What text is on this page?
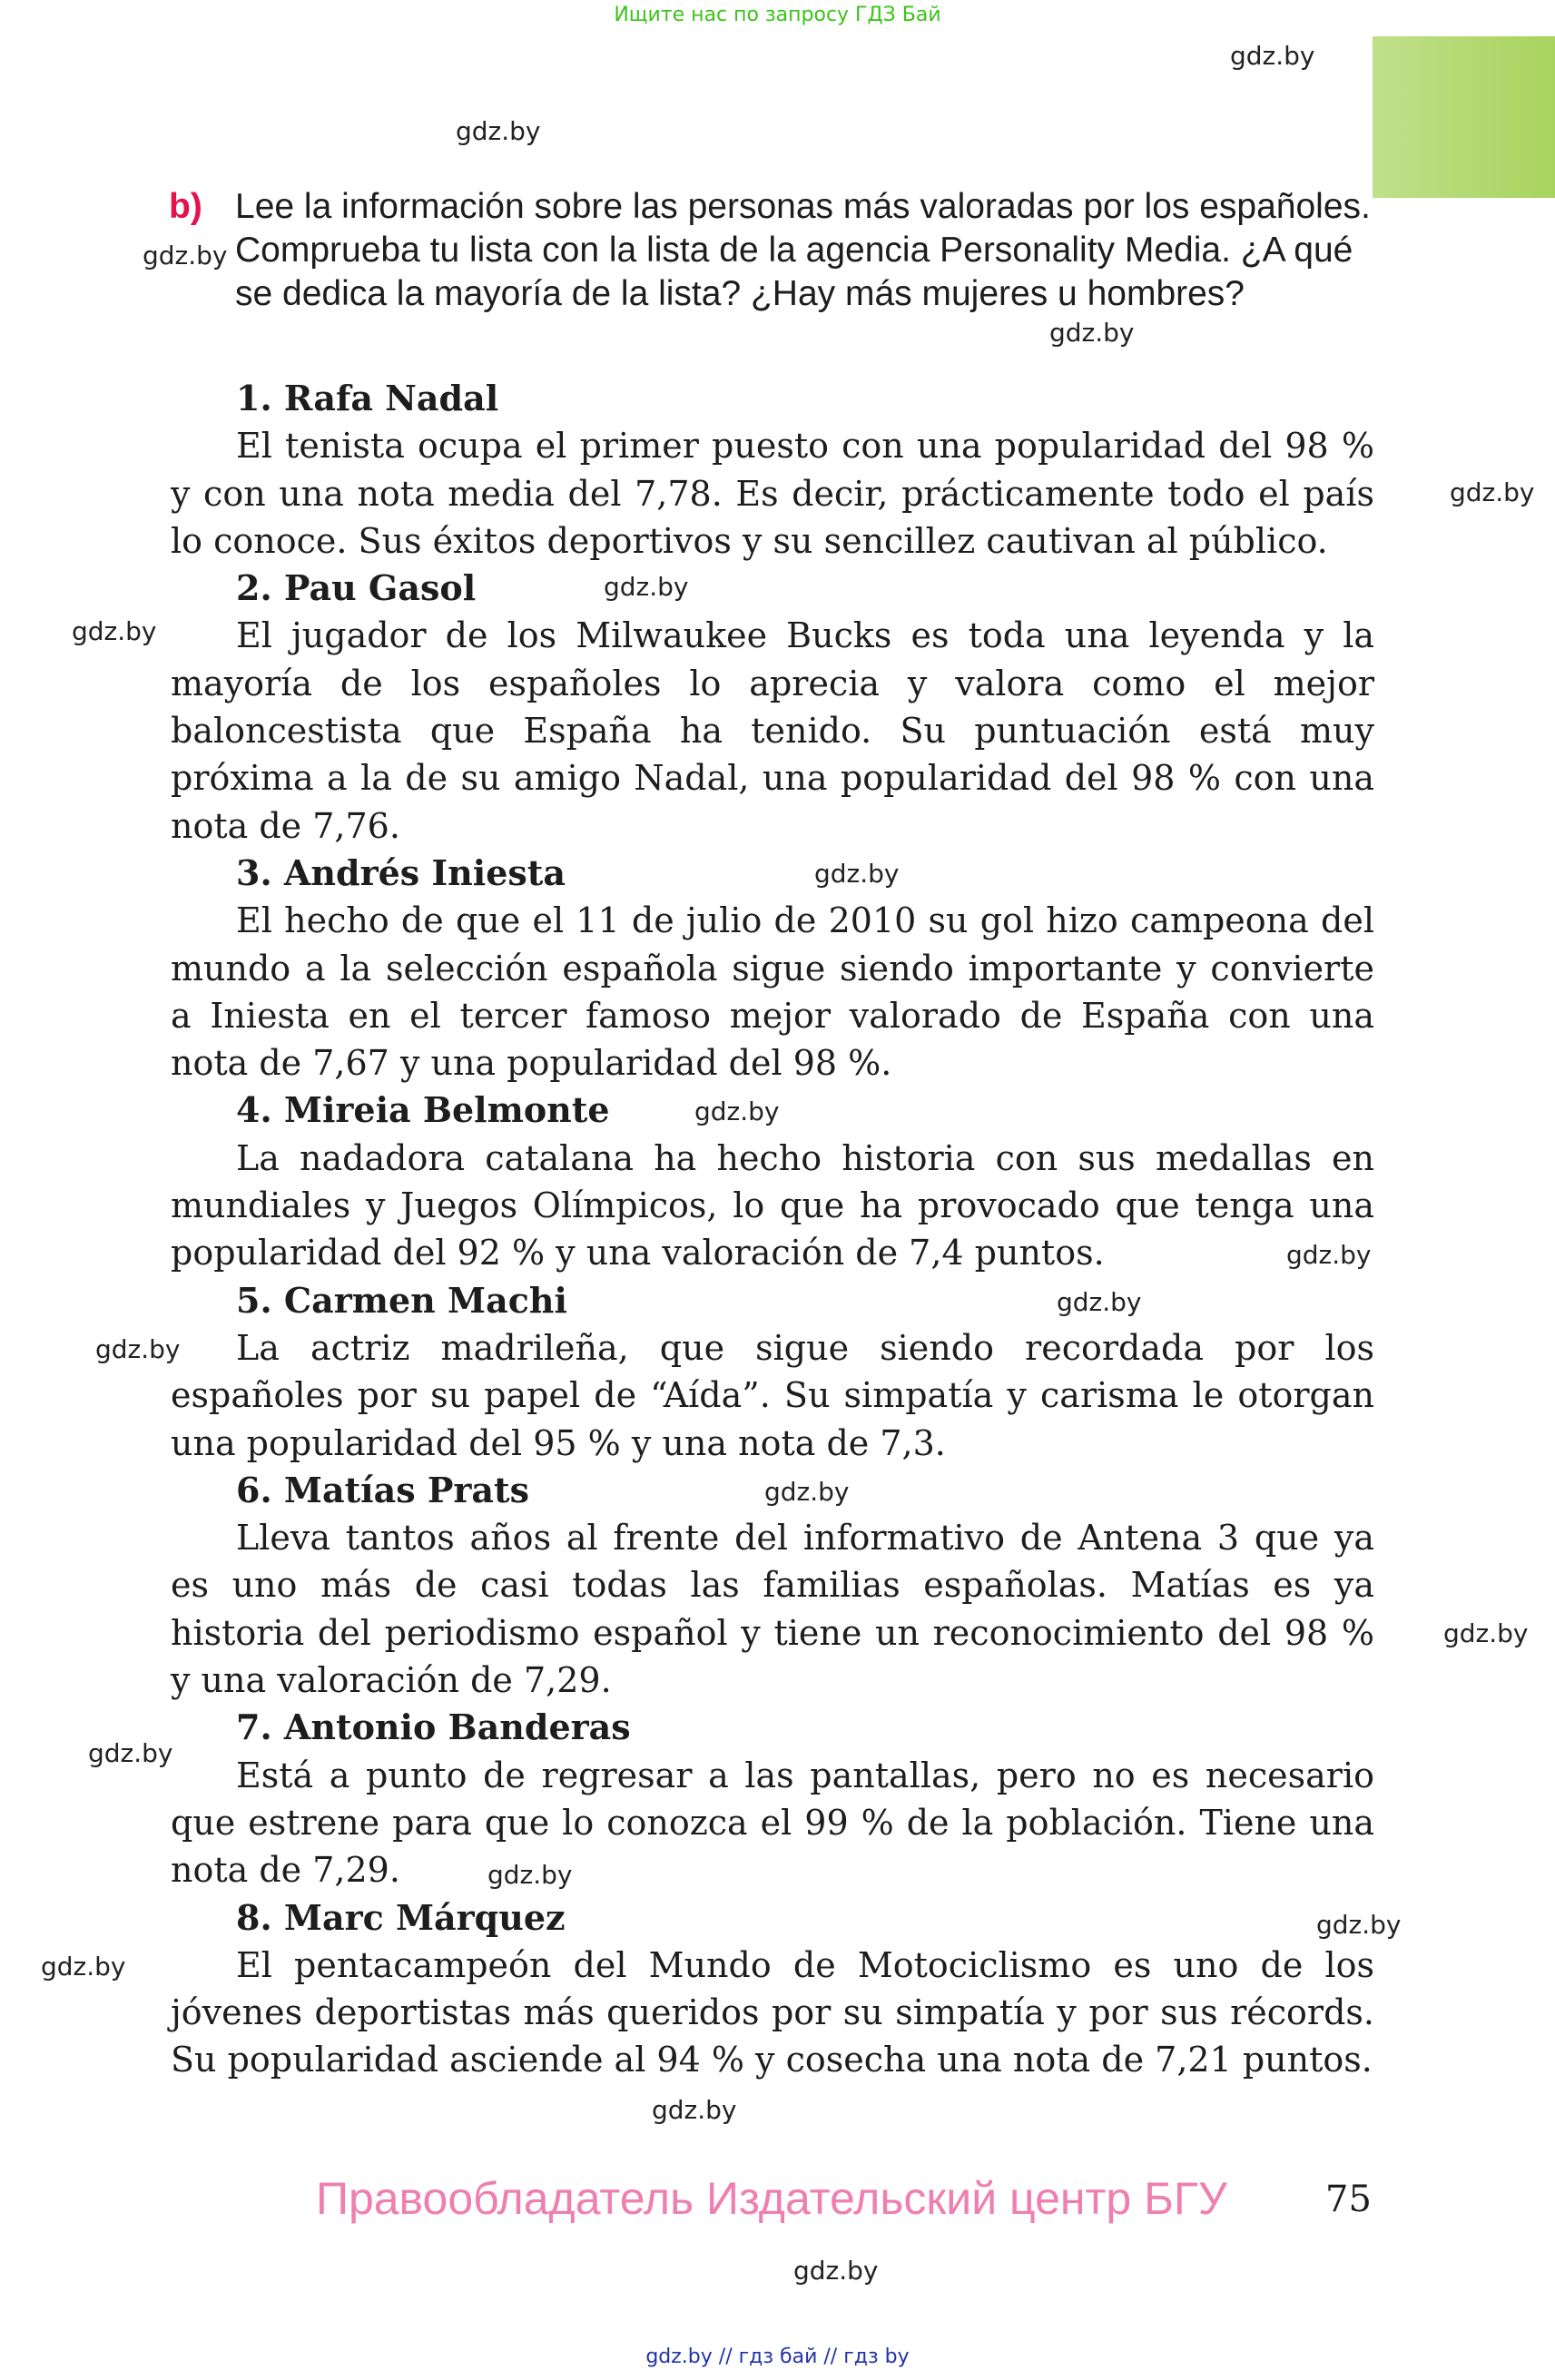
Ищите нас по запросу ГДЗ Бай
b) Lee la información sobre las personas más valoradas por los españoles. Comprueba tu lista con la lista de la agencia Personality Media. ¿A qué se dedica la mayoría de la lista? ¿Hay más mujeres u hombres?
1. Rafa Nadal

El tenista ocupa el primer puesto con una popularidad del 98 % y con una nota media del 7,78. Es decir, prácticamente todo el país lo conoce. Sus éxitos deportivos y su sencillez cautivan al público.

2. Pau Gasol

El jugador de los Milwaukee Bucks es toda una leyenda y la mayoría de los españoles lo aprecia y valora como el mejor baloncestista que España ha tenido. Su puntuación está muy próxima a la de su amigo Nadal, una popularidad del 98 % con una nota de 7,76.

3. Andrés Iniesta

El hecho de que el 11 de julio de 2010 su gol hizo campeona del mundo a la selección española sigue siendo importante y convierte a Iniesta en el tercer famoso mejor valorado de España con una nota de 7,67 y una popularidad del 98 %.

4. Mireia Belmonte

La nadadora catalana ha hecho historia con sus medallas en mundiales y Juegos Olímpicos, lo que ha provocado que tenga una popularidad del 92 % y una valoración de 7,4 puntos.

5. Carmen Machi

La actriz madrileña, que sigue siendo recordada por los españoles por su papel de “Aída”. Su simpatía y carisma le otorgan una popularidad del 95 % y una nota de 7,3.

6. Matías Prats

Lleva tantos años al frente del informativo de Antena 3 que ya es uno más de casi todas las familias españolas. Matías es ya historia del periodismo español y tiene un reconocimiento del 98 % y una valoración de 7,29.

7. Antonio Banderas

Está a punto de regresar a las pantallas, pero no es necesario que estrene para que lo conozca el 99 % de la población. Tiene una nota de 7,29.

8. Marc Márquez

El pentacampeón del Mundo de Motociclismo es uno de los jóvenes deportistas más queridos por su simpatía y por sus récords. Su popularidad asciende al 94 % y cosecha una nota de 7,21 puntos.

gdz.by
gdz.by
gdz.by
gdz.by
gdz.by
gdz.by
gdz.by
gdz.by
gdz.by
gdz.by
gdz.by
gdz.by
gdz.by
gdz.by
gdz.by
gdz.by
gdz.by
gdz.by
gdz.by
gdz.by
Правообладатель Издательский центр БГУ	75
gdz.by // гдз бай // гдз by
